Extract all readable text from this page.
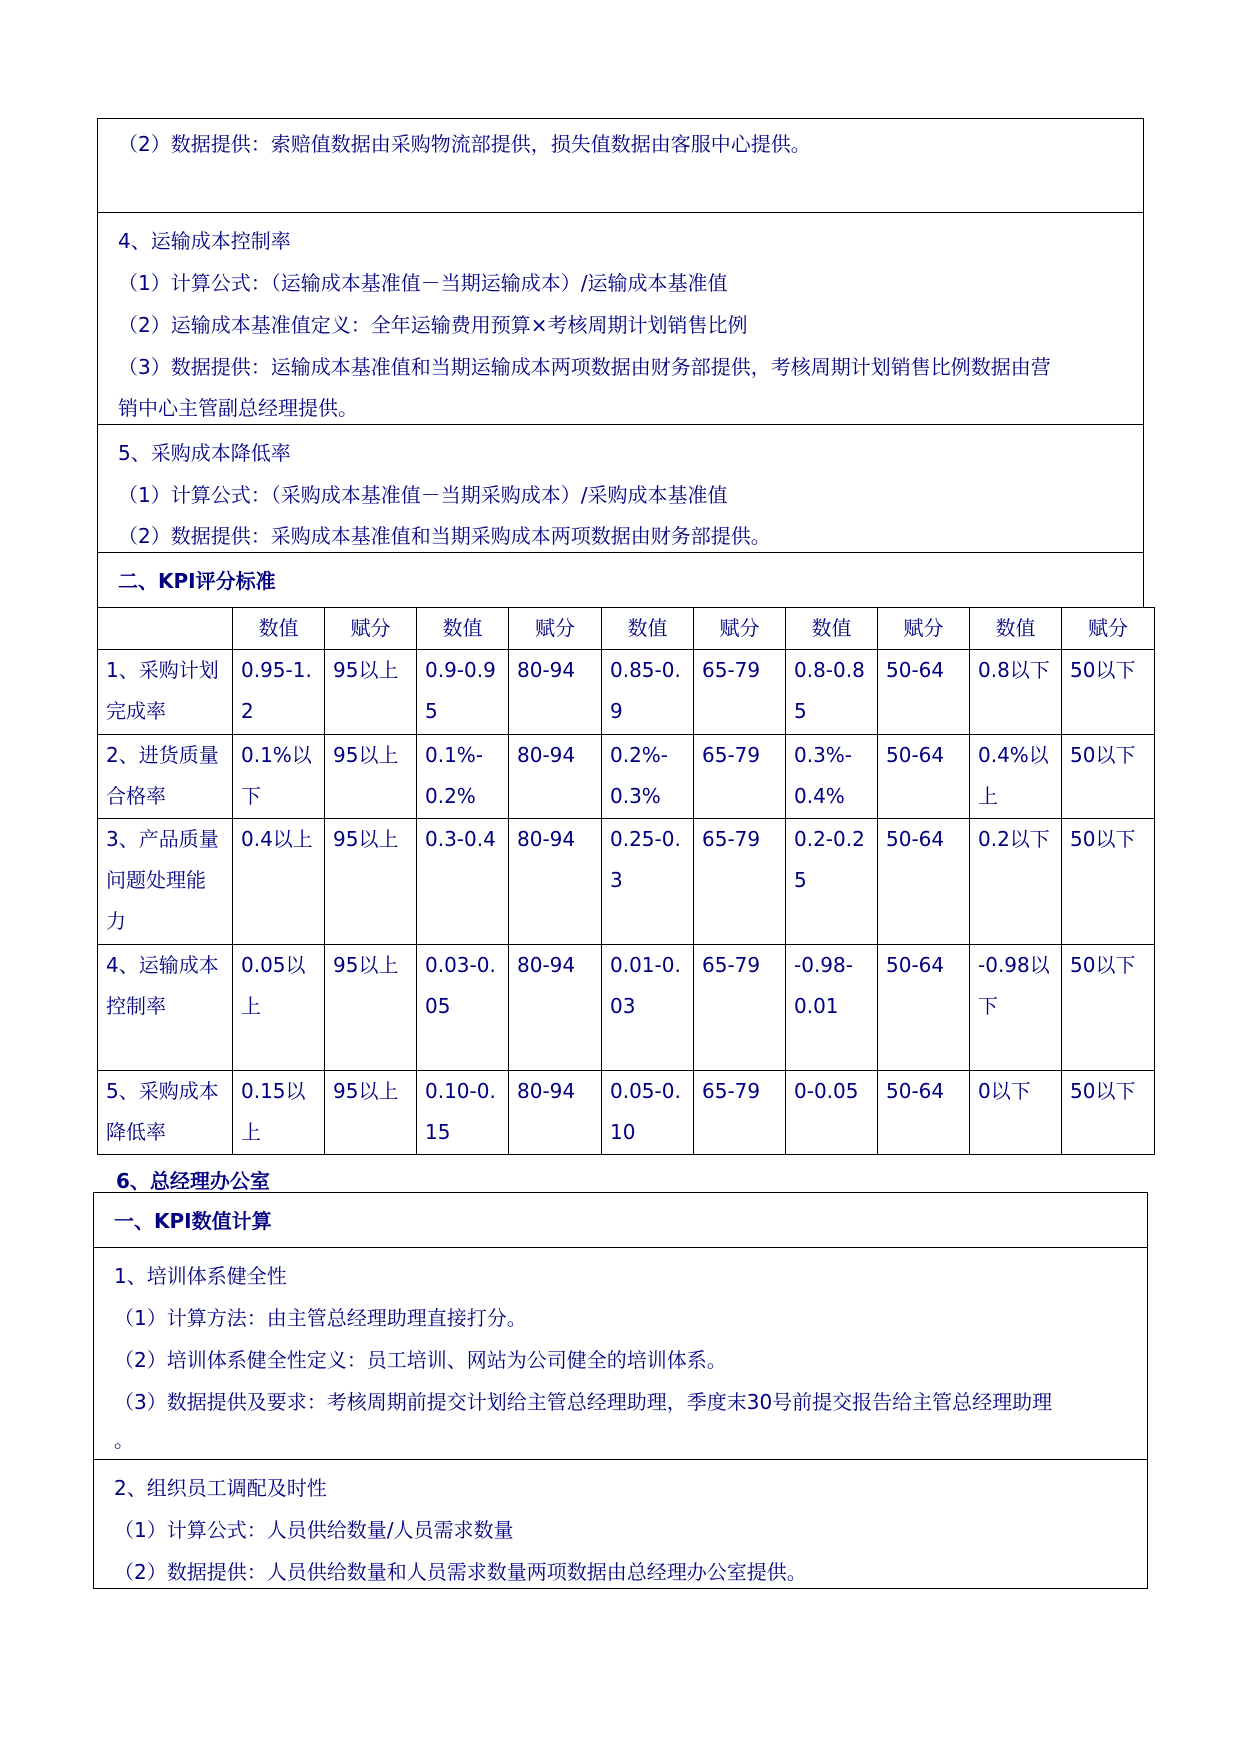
（2）数据提供：索赔值数据由采购物流部提供，损失值数据由客服中心提供。
4、运输成本控制率
（1）计算公式：（运输成本基准值－当期运输成本）/运输成本基准值
（2）运输成本基准值定义：全年运输费用预算×考核周期计划销售比例
（3）数据提供：运输成本基准值和当期运输成本两项数据由财务部提供，考核周期计划销售比例数据由营
销中心主管副总经理提供。
5、采购成本降低率
（1）计算公式：（采购成本基准值－当期采购成本）/采购成本基准值
（2）数据提供：采购成本基准值和当期采购成本两项数据由财务部提供。
二、KPI评分标准
	数值	赋分	数值	赋分	数值	赋分	数值	赋分	数值	赋分
1、采购计划完成率	0.95-1.2	95以上	0.9-0.95	80-94	0.85-0.9	65-79	0.8-0.85	50-64	0.8以下	50以下
2、进货质量合格率	0.1%以下	95以上	0.1%-0.2%	80-94	0.2%-0.3%	65-79	0.3%-0.4%	50-64	0.4%以上	50以下
3、产品质量问题处理能力	0.4以上	95以上	0.3-0.4	80-94	0.25-0.3	65-79	0.2-0.25	50-64	0.2以下	50以下
4、运输成本控制率	0.05以上	95以上	0.03-0.05	80-94	0.01-0.03	65-79	-0.98-0.01	50-64	-0.98以下	50以下
5、采购成本降低率	0.15以上	95以上	0.10-0.15	80-94	0.05-0.10	65-79	0-0.05	50-64	0以下	50以下
6、总经理办公室
一、KPI数值计算
1、培训体系健全性
（1）计算方法：由主管总经理助理直接打分。
（2）培训体系健全性定义：员工培训、网站为公司健全的培训体系。
（3）数据提供及要求：考核周期前提交计划给主管总经理助理，季度末30号前提交报告给主管总经理助理
。
2、组织员工调配及时性
（1）计算公式：人员供给数量/人员需求数量
（2）数据提供：人员供给数量和人员需求数量两项数据由总经理办公室提供。
